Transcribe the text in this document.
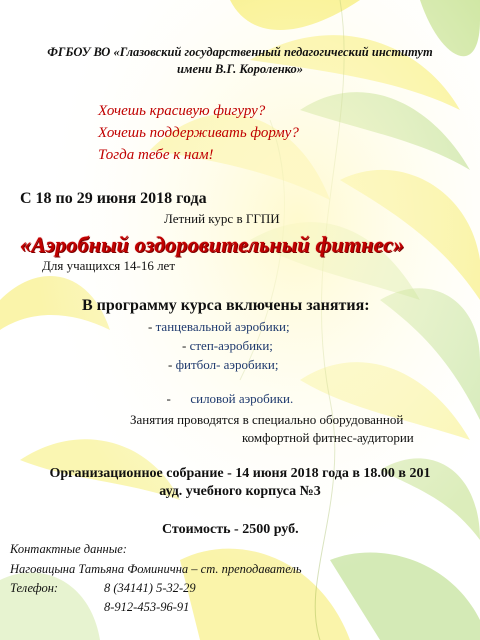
ФГБОУ ВО «Глазовский государственный педагогический институт
имени В.Г. Короленко»
Хочешь красивую фигуру?
Хочешь поддерживать форму?
Тогда тебе к нам!
С 18 по 29 июня 2018 года
Летний курс в ГГПИ
«Аэробный оздоровительный фитнес»
Для учащихся 14-16 лет
В программу курса включены занятия:
- танцевальной аэробики;
- степ-аэробики;
- фитбол- аэробики;

-      силовой аэробики.

Занятия проводятся в специально оборудованной
комфортной фитнес-аудитории
Организационное собрание - 14 июня 2018 года в 18.00 в 201
ауд. учебного корпуса №3
Стоимость - 2500 руб.
Контактные данные:
Наговицына Татьяна Фоминична – ст. преподаватель
Телефон:	8 (34141) 5-32-29
8-912-453-96-91
